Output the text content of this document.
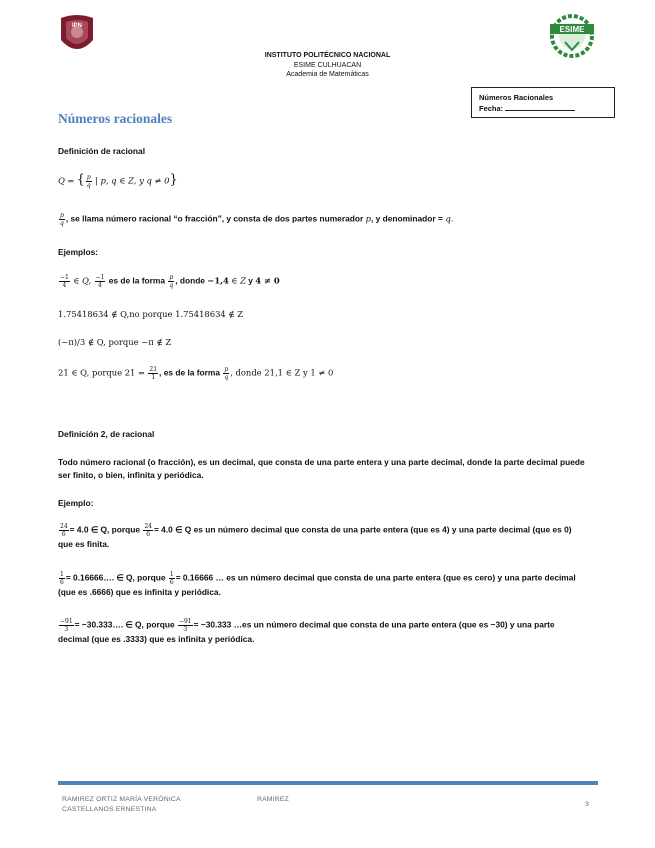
IPN	ESIME
INSTITUTO POLITÉCNICO NACIONAL
ESIME CULHUACAN
Academia de Matemáticas
Números Racionales
Fecha:
Números racionales
Definición de racional
Q = { $\frac{p}{q}$ | p, q ∈ Z, y q ≠ 0}
$\frac{p}{q}$ , se llama número racional “o fracción”, y consta de dos partes numerador p, y denominador = q.
Ejemplos:
$\frac{-1}{4}$ ∈ Q, $\frac{-1}{4}$ es de la forma $\frac{p}{q}$ , donde −1,4 ∈ Z y 4 ≠ 0
1.75418634 ∉ Q,no porque 1.75418634 ∉ Z
(−π)/3 ∉ Q, porque −π ∉ Z
21 ∈ Q, porque $21 = \frac{21}{1}$ , es de la forma $\frac{p}{q}$ , donde 21,1 ∈ Z y 1 ≠ 0
Definición 2, de racional
Todo número racional (o fracción), es un decimal, que consta de una parte entera y una parte decimal, donde la parte decimal puede ser finito, o bien, infinita y periódica.
Ejemplo:
$\frac{24}{6} = 4.0$ ∈ Q, porque $\frac{24}{6} = 4.0$ ∈ Q es un número decimal que consta de una parte entera (que es 4) y una parte decimal (que es 0) que es finita.
$\frac{1}{6}$ = 0.16666…. ∈ Q, porque $\frac{1}{6} = 0.16666$ … es un número decimal que consta de una parte entera (que es cero) y una parte decimal (que es .6666) que es infinita y periódica.
$\frac{-91}{3}$ = −30.333…. ∈ Q, porque $\frac{-91}{3} = -30.333$ …es un número decimal que consta de una parte entera (que es −30) y una parte decimal (que es .3333) que es infinita y periódica.
RAMIREZ ORTIZ MARÍA VERÓNICA
CASTELLANOS ERNESTINA
RAMIREZ
3
